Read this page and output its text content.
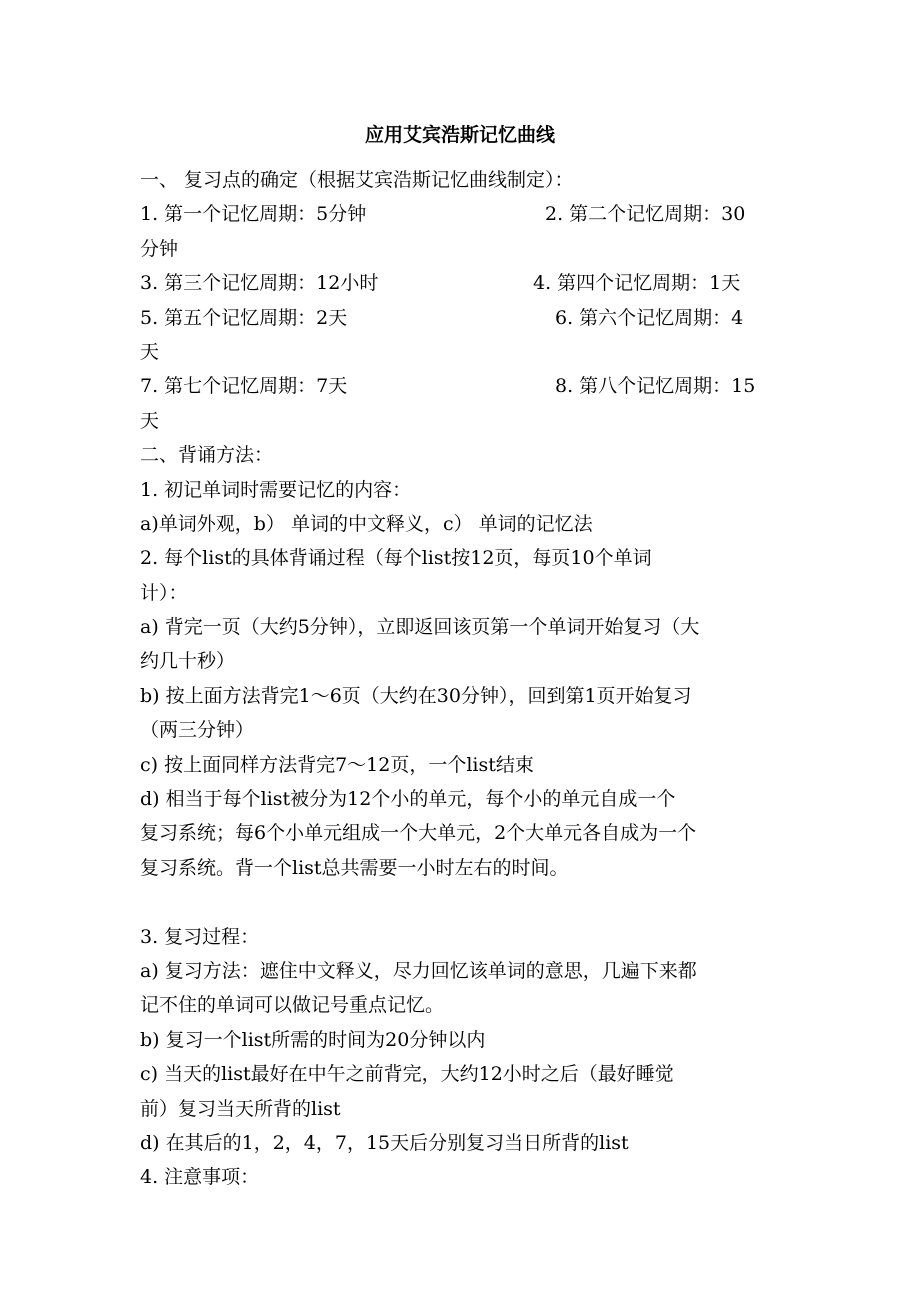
应用艾宾浩斯记忆曲线
一、 复习点的确定（根据艾宾浩斯记忆曲线制定）：
1. 第一个记忆周期：5分钟	2. 第二个记忆周期：30
分钟
3. 第三个记忆周期：12小时	4. 第四个记忆周期：1天
5. 第五个记忆周期：2天	6. 第六个记忆周期：4
天
7. 第七个记忆周期：7天	8. 第八个记忆周期：15
天
二、背诵方法：
1. 初记单词时需要记忆的内容：
a)单词外观，b） 单词的中文释义，c） 单词的记忆法
2. 每个list的具体背诵过程（每个list按12页，每页10个单词
计）：
a) 背完一页（大约5分钟），立即返回该页第一个单词开始复习（大
约几十秒）
b) 按上面方法背完1～6页（大约在30分钟），回到第1页开始复习
（两三分钟）
c) 按上面同样方法背完7～12页，一个list结束
d) 相当于每个list被分为12个小的单元，每个小的单元自成一个
复习系统；每6个小单元组成一个大单元，2个大单元各自成为一个
复习系统。背一个list总共需要一小时左右的时间。
3. 复习过程：
a) 复习方法：遮住中文释义，尽力回忆该单词的意思，几遍下来都
记不住的单词可以做记号重点记忆。
b) 复习一个list所需的时间为20分钟以内
c) 当天的list最好在中午之前背完，大约12小时之后（最好睡觉
前）复习当天所背的list
d) 在其后的1，2，4，7，15天后分别复习当日所背的list
4. 注意事项：
